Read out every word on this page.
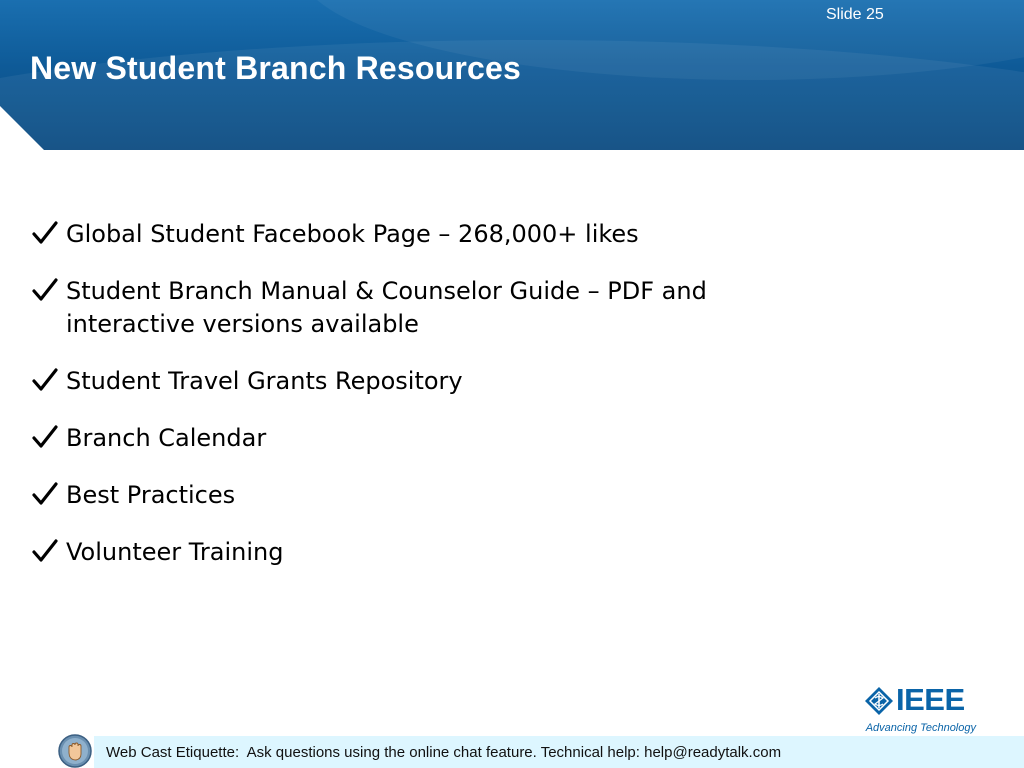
Slide 25
New Student Branch Resources
Global Student Facebook Page – 268,000+ likes
Student Branch Manual & Counselor Guide – PDF and
interactive versions available
Student Travel Grants Repository
Branch Calendar
Best Practices
Volunteer Training
IEEE
Advancing Technology
Web Cast Etiquette:  Ask questions using the online chat feature. Technical help: help@readytalk.com
